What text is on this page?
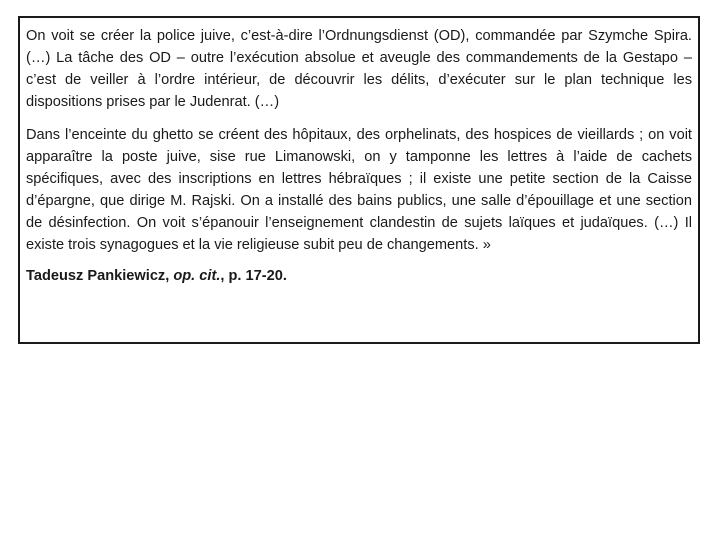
On voit se créer la police juive, c’est-à-dire l’Ordnungsdienst (OD), commandée par Szymche Spira. (…) La tâche des OD – outre l’exécution absolue et aveugle des commandements de la Gestapo – c’est de veiller à l’ordre intérieur, de découvrir les délits, d’exécuter sur le plan technique les dispositions prises par le Judenrat. (…)

Dans l’enceinte du ghetto se créent des hôpitaux, des orphelinats, des hospices de vieillards ; on voit apparaître la poste juive, sise rue Limanowski, on y tamponne les lettres à l’aide de cachets spécifiques, avec des inscriptions en lettres hébraïques ; il existe une petite section de la Caisse d’épargne, que dirige M. Rajski. On a installé des bains publics, une salle d’épouillage et une section de désinfection. On voit s’épanouir l’enseignement clandestin de sujets laïques et judaïques. (…) Il existe trois synagogues et la vie religieuse subit peu de changements. »

Tadeusz Pankiewicz, op. cit., p. 17-20.
